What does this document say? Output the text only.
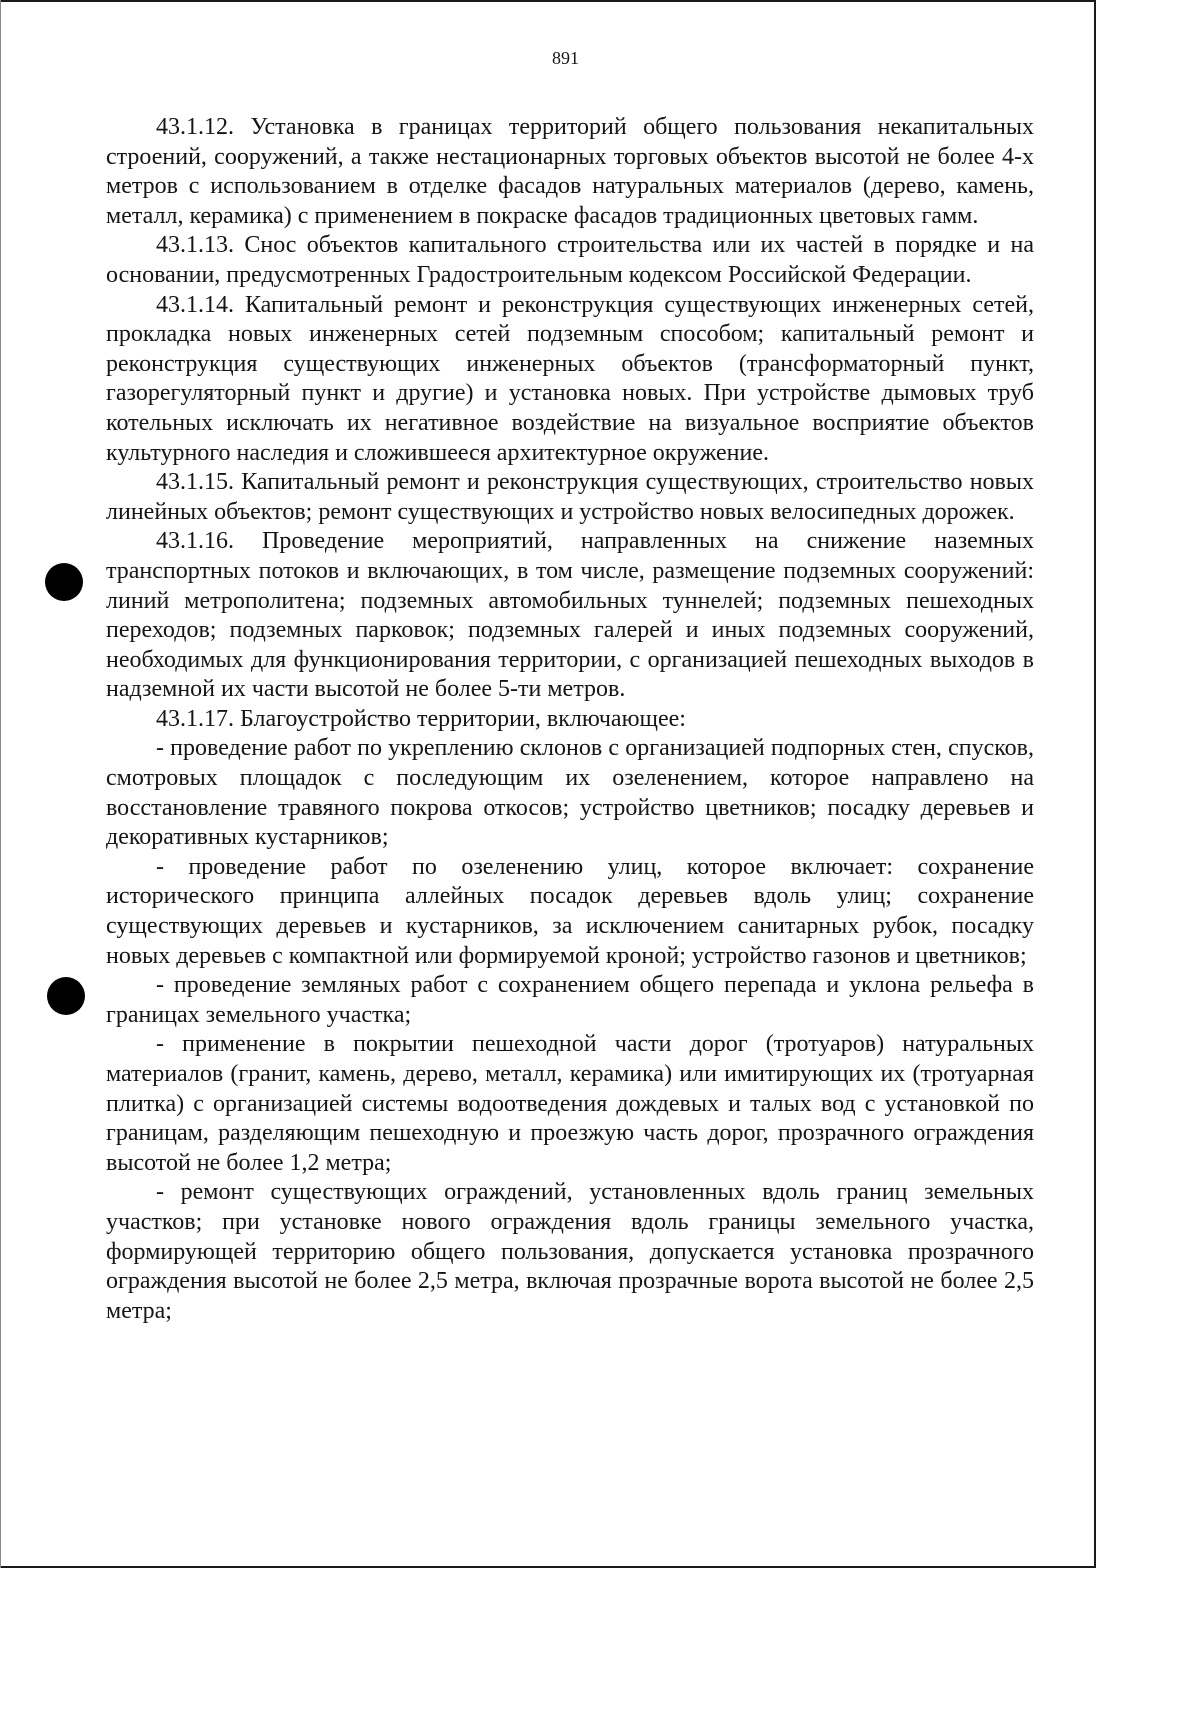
891

43.1.12. Установка в границах территорий общего пользования некапитальных строений, сооружений, а также нестационарных торговых объектов высотой не более 4-х метров с использованием в отделке фасадов натуральных материалов (дерево, камень, металл, керамика) с применением в покраске фасадов традиционных цветовых гамм.

43.1.13. Снос объектов капитального строительства или их частей в порядке и на основании, предусмотренных Градостроительным кодексом Российской Федерации.

43.1.14. Капитальный ремонт и реконструкция существующих инженерных сетей, прокладка новых инженерных сетей подземным способом; капитальный ремонт и реконструкция существующих инженерных объектов (трансформаторный пункт, газорегуляторный пункт и другие) и установка новых. При устройстве дымовых труб котельных исключать их негативное воздействие на визуальное восприятие объектов культурного наследия и сложившееся архитектурное окружение.

43.1.15. Капитальный ремонт и реконструкция существующих, строительство новых линейных объектов; ремонт существующих и устройство новых велосипедных дорожек.

43.1.16. Проведение мероприятий, направленных на снижение наземных транспортных потоков и включающих, в том числе, размещение подземных сооружений: линий метрополитена; подземных автомобильных туннелей; подземных пешеходных переходов; подземных парковок; подземных галерей и иных подземных сооружений, необходимых для функционирования территории, с организацией пешеходных выходов в надземной их части высотой не более 5-ти метров.

43.1.17. Благоустройство территории, включающее:

- проведение работ по укреплению склонов с организацией подпорных стен, спусков, смотровых площадок с последующим их озеленением, которое направлено на восстановление травяного покрова откосов; устройство цветников; посадку деревьев и декоративных кустарников;

- проведение работ по озеленению улиц, которое включает: сохранение исторического принципа аллейных посадок деревьев вдоль улиц; сохранение существующих деревьев и кустарников, за исключением санитарных рубок, посадку новых деревьев с компактной или формируемой кроной; устройство газонов и цветников;

- проведение земляных работ с сохранением общего перепада и уклона рельефа в границах земельного участка;

- применение в покрытии пешеходной части дорог (тротуаров) натуральных материалов (гранит, камень, дерево, металл, керамика) или имитирующих их (тротуарная плитка) с организацией системы водоотведения дождевых и талых вод с установкой по границам, разделяющим пешеходную и проезжую часть дорог, прозрачного ограждения высотой не более 1,2 метра;

- ремонт существующих ограждений, установленных вдоль границ земельных участков; при установке нового ограждения вдоль границы земельного участка, формирующей территорию общего пользования, допускается установка прозрачного ограждения высотой не более 2,5 метра, включая прозрачные ворота высотой не более 2,5 метра;
